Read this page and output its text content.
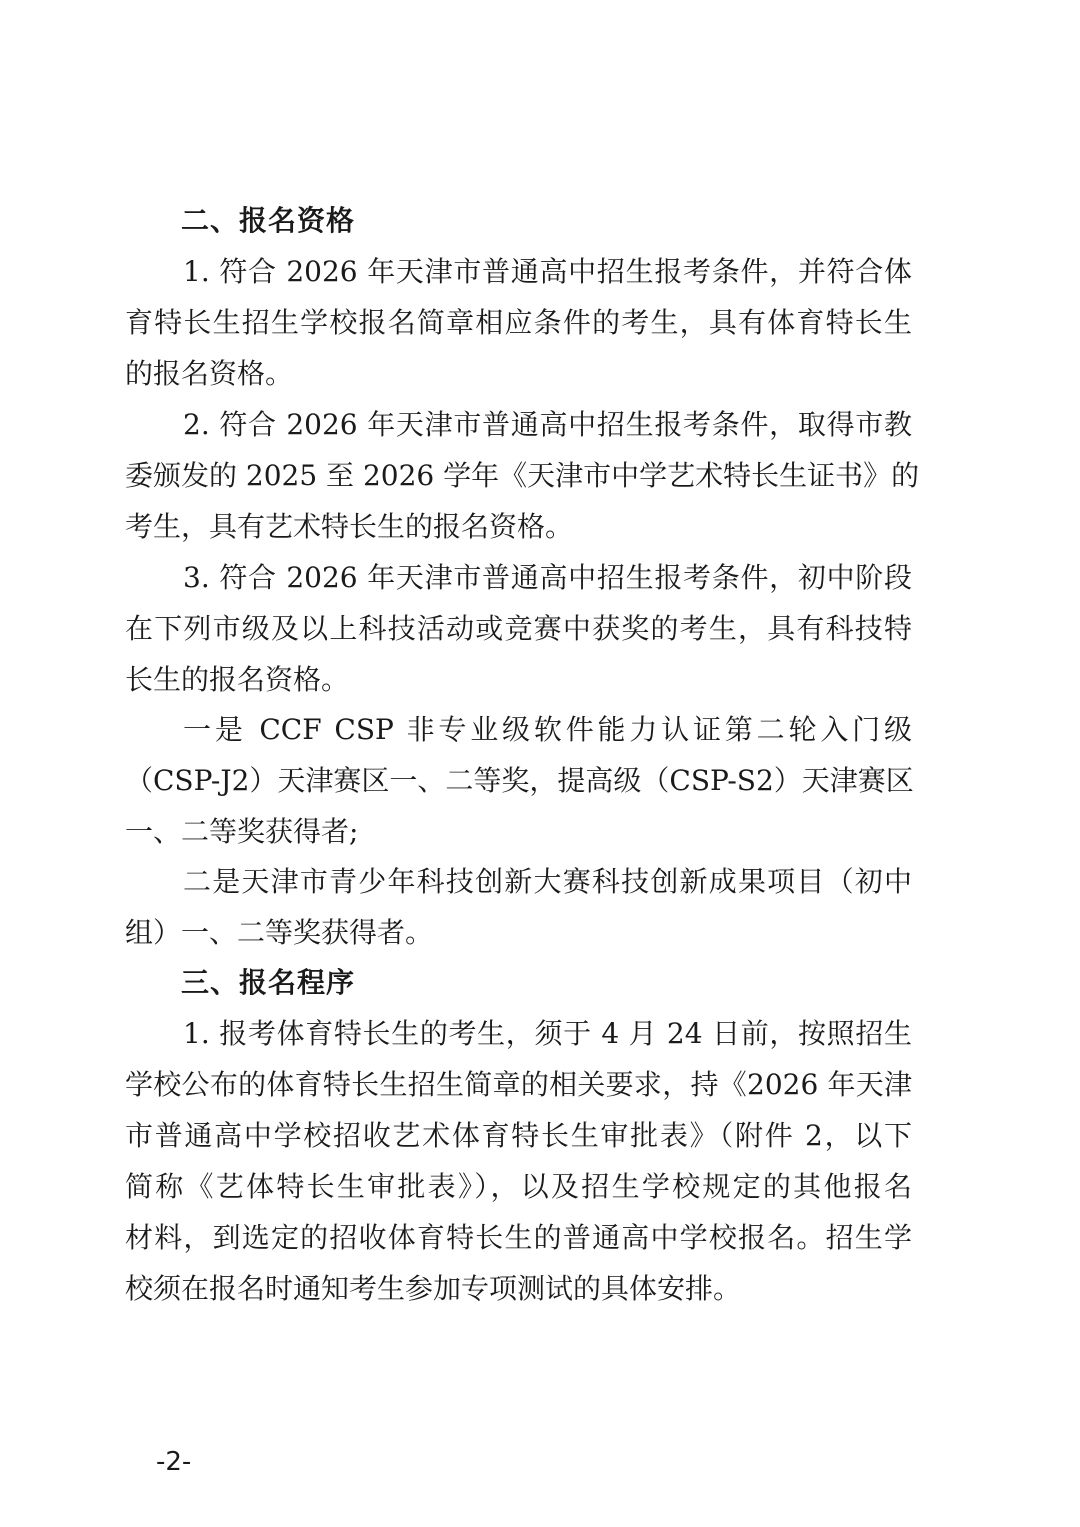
二、报名资格
1. 符合 2026 年天津市普通高中招生报考条件，并符合体
育特长生招生学校报名简章相应条件的考生，具有体育特长生
的报名资格。
2. 符合 2026 年天津市普通高中招生报考条件，取得市教
委颁发的 2025 至 2026 学年《天津市中学艺术特长生证书》的
考生，具有艺术特长生的报名资格。
3. 符合 2026 年天津市普通高中招生报考条件，初中阶段
在下列市级及以上科技活动或竞赛中获奖的考生，具有科技特
长生的报名资格。
一是 CCF CSP 非专业级软件能力认证第二轮入门级
（CSP-J2）天津赛区一、二等奖，提高级（CSP-S2）天津赛区
一、二等奖获得者;
二是天津市青少年科技创新大赛科技创新成果项目（初中
组）一、二等奖获得者。
三、报名程序
1. 报考体育特长生的考生，须于 4 月 24 日前，按照招生
学校公布的体育特长生招生简章的相关要求，持《2026 年天津
市普通高中学校招收艺术体育特长生审批表》（附件 2，以下
简称《艺体特长生审批表》），以及招生学校规定的其他报名
材料，到选定的招收体育特长生的普通高中学校报名。招生学
校须在报名时通知考生参加专项测试的具体安排。
-2-
